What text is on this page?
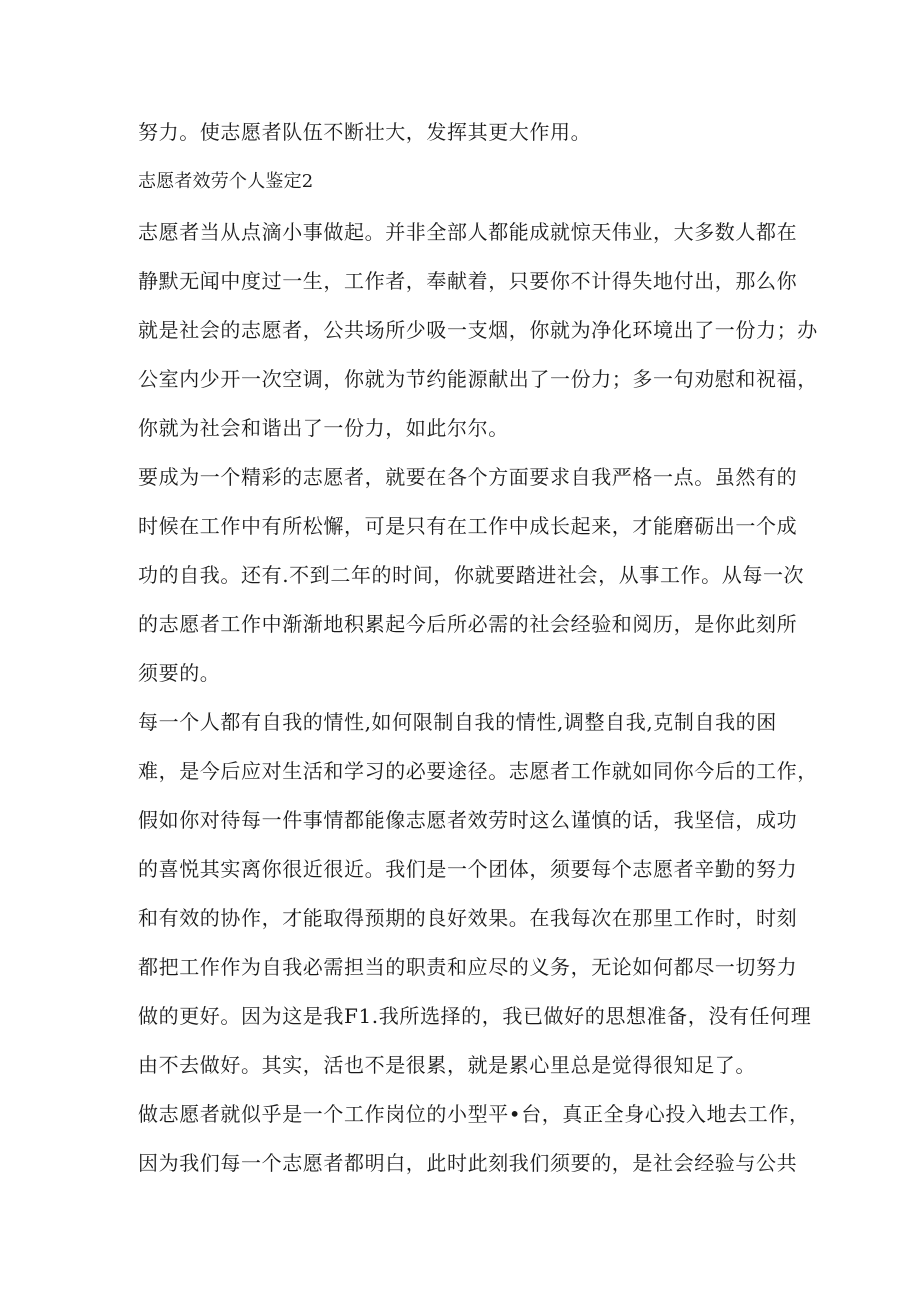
努力。使志愿者队伍不断壮大，发挥其更大作用。
志愿者效劳个人鉴定2
志愿者当从点滴小事做起。并非全部人都能成就惊天伟业，大多数人都在
静默无闻中度过一生，工作者，奉献着，只要你不计得失地付出，那么你
就是社会的志愿者，公共场所少吸一支烟，你就为净化环境出了一份力；办
公室内少开一次空调，你就为节约能源献出了一份力；多一句劝慰和祝福，
你就为社会和谐出了一份力，如此尔尔。
要成为一个精彩的志愿者，就要在各个方面要求自我严格一点。虽然有的
时候在工作中有所松懈，可是只有在工作中成长起来，才能磨砺出一个成
功的自我。还有.不到二年的时间，你就要踏进社会，从事工作。从每一次
的志愿者工作中渐渐地积累起今后所必需的社会经验和阅历，是你此刻所
须要的。
每一个人都有自我的情性,如何限制自我的情性,调整自我,克制自我的困
难，是今后应对生活和学习的必要途径。志愿者工作就如同你今后的工作，
假如你对待每一件事情都能像志愿者效劳时这么谨慎的话，我坚信，成功
的喜悦其实离你很近很近。我们是一个团体，须要每个志愿者辛勤的努力
和有效的协作，才能取得预期的良好效果。在我每次在那里工作时，时刻
都把工作作为自我必需担当的职责和应尽的义务，无论如何都尽一切努力
做的更好。因为这是我F1.我所选择的，我已做好的思想准备，没有任何理
由不去做好。其实，活也不是很累，就是累心里总是觉得很知足了。
做志愿者就似乎是一个工作岗位的小型平•台，真正全身心投入地去工作，
因为我们每一个志愿者都明白，此时此刻我们须要的，是社会经验与公共
